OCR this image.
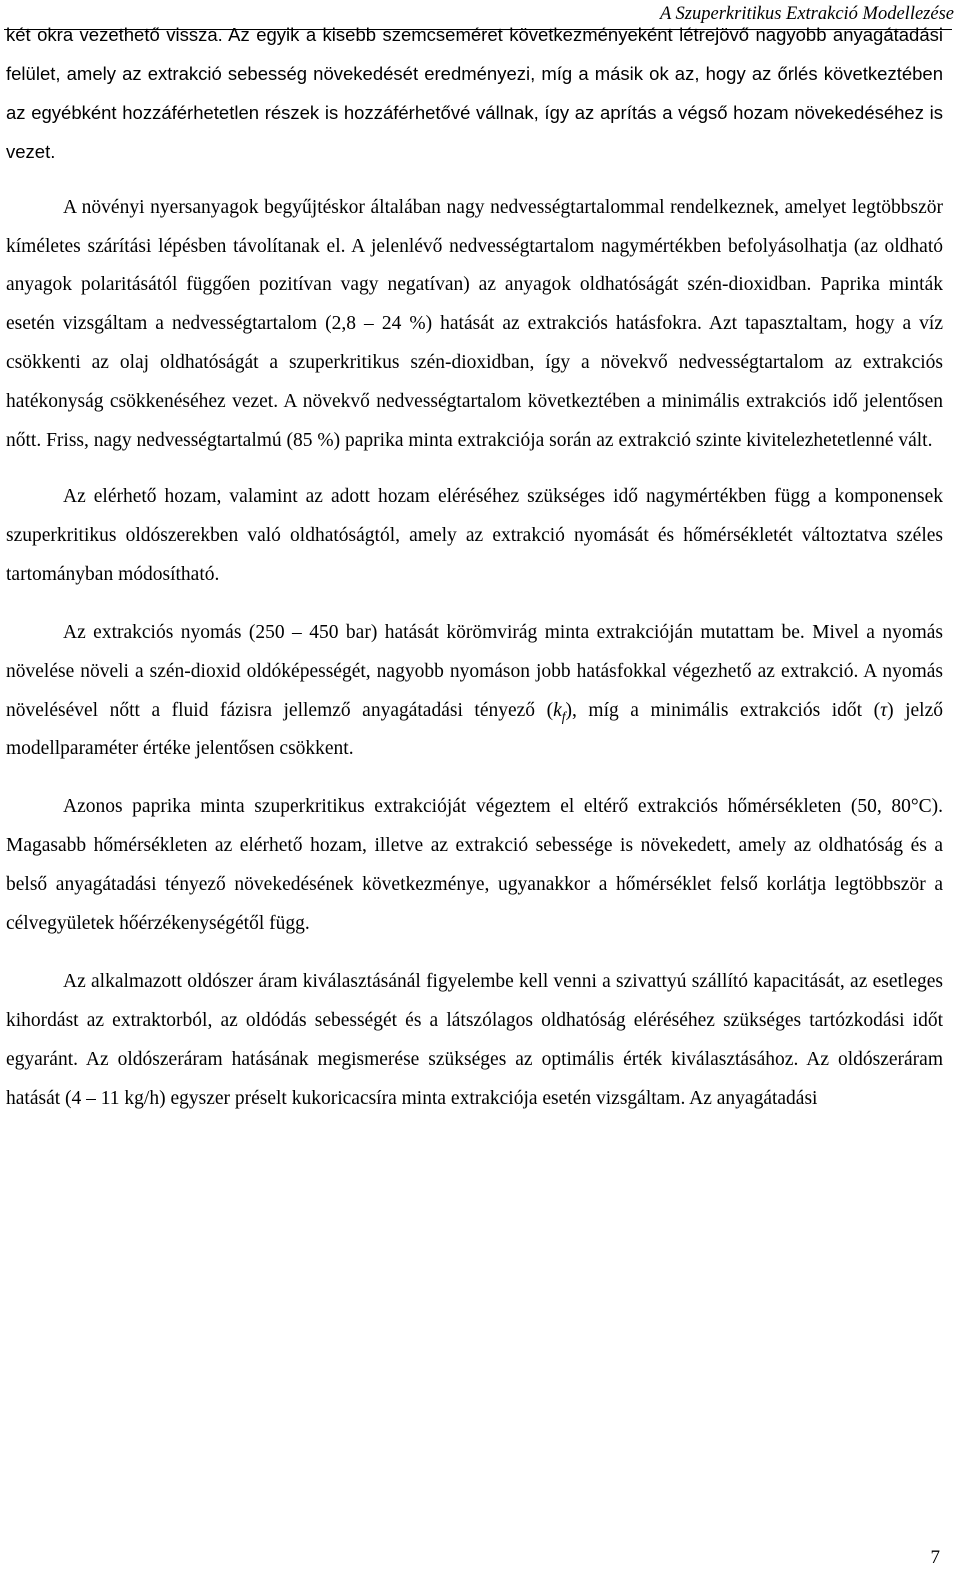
A Szuperkritikus Extrakció Modellezése

két okra vezethető vissza. Az egyik a kisebb szemcseméret következményeként létrejövő nagyobb anyagátadási felület, amely az extrakció sebesség növekedését eredményezi, míg a másik ok az, hogy az őrlés következtében az egyébként hozzáférhetetlen részek is hozzáférhetővé vállnak, így az aprítás a végső hozam növekedéséhez is vezet.

A növényi nyersanyagok begyűjtéskor általában nagy nedvességtartalommal rendelkeznek, amelyet legtöbbször kíméletes szárítási lépésben távolítanak el. A jelenlévő nedvességtartalom nagymértékben befolyásolhatja (az oldható anyagok polaritásától függően pozitívan vagy negatívan) az anyagok oldhatóságát szén-dioxidban. Paprika minták esetén vizsgáltam a nedvességtartalom (2,8 – 24 %) hatását az extrakciós hatásfokra. Azt tapasztaltam, hogy a víz csökkenti az olaj oldhatóságát a szuperkritikus szén-dioxidban, így a növekvő nedvességtartalom az extrakciós hatékonyság csökkenéséhez vezet. A növekvő nedvességtartalom következtében a minimális extrakciós idő jelentősen nőtt. Friss, nagy nedvességtartalmú (85 %) paprika minta extrakciója során az extrakció szinte kivitelezhetetlenné vált.

Az elérhető hozam, valamint az adott hozam eléréséhez szükséges idő nagymértékben függ a komponensek szuperkritikus oldószerekben való oldhatóságtól, amely az extrakció nyomását és hőmérsékletét változtatva széles tartományban módosítható.

Az extrakciós nyomás (250 – 450 bar) hatását körömvirág minta extrakcióján mutattam be. Mivel a nyomás növelése növeli a szén-dioxid oldóképességét, nagyobb nyomáson jobb hatásfokkal végezhető az extrakció. A nyomás növelésével nőtt a fluid fázisra jellemző anyagátadási tényező $(k_f)$, míg a minimális extrakciós időt (τ) jelző modellparaméter értéke jelentősen csökkent.

Azonos paprika minta szuperkritikus extrakcióját végeztem el eltérő extrakciós hőmérsékleten (50, 80°C). Magasabb hőmérsékleten az elérhető hozam, illetve az extrakció sebessége is növekedett, amely az oldhatóság és a belső anyagátadási tényező növekedésének következménye, ugyanakkor a hőmérséklet felső korlátja legtöbbször a célvegyületek hőérzékenységétől függ.

Az alkalmazott oldószer áram kiválasztásánál figyelembe kell venni a szivattyú szállító kapacitását, az esetleges kihordást az extraktorból, az oldódás sebességét és a látszólagos oldhatóság eléréséhez szükséges tartózkodási időt egyaránt. Az oldószeráram hatásának megismerése szükséges az optimális érték kiválasztásához. Az oldószeráram hatását (4 – 11 kg/h) egyszer préselt kukoricacsíra minta extrakciója esetén vizsgáltam. Az anyagátadási

7
